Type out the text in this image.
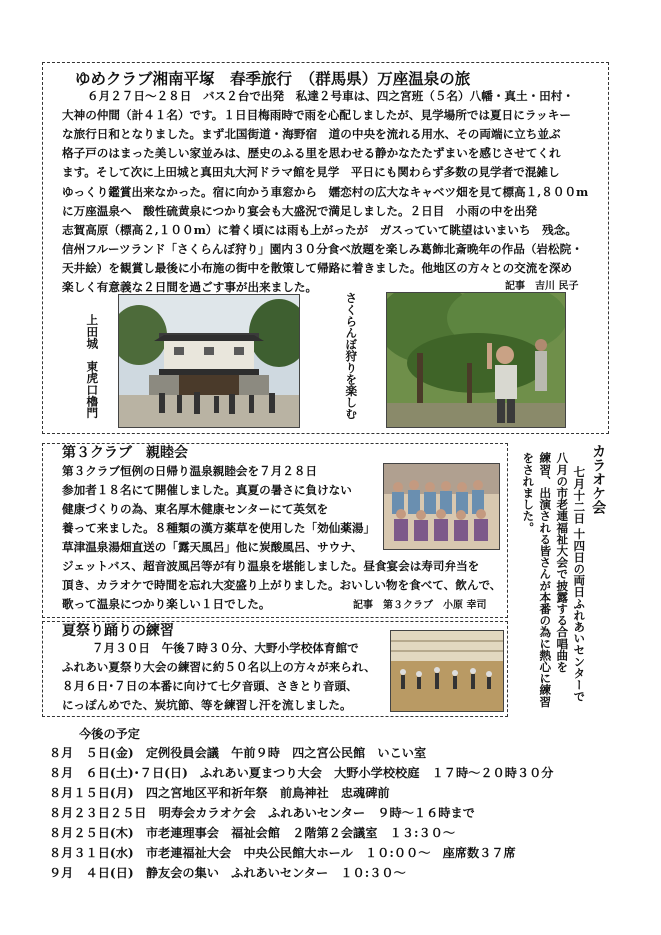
ゆめクラブ湘南平塚　春季旅行　（群馬県）万座温泉の旅
６月２７日～２８日　バス２台で出発　私達２号車は、四之宮班（５名）八幡・真土・田村・
大神の仲間（計４１名）です。１日目梅雨時で雨を心配しましたが、見学場所では夏日にラッキー
な旅行日和となりました。まず北国街道・海野宿　道の中央を流れる用水、その両端に立ち並ぶ
格子戸のはまった美しい家並みは、歴史のふる里を思わせる静かなたたずまいを感じさせてくれ
ます。そして次に上田城と真田丸大河ドラマ館を見学　平日にも関わらず多数の見学者で混雑し
ゆっくり鑑賞出来なかった。宿に向かう車窓から　嬬恋村の広大なキャベツ畑を見て標高１,８００m
に万座温泉へ　酸性硫黄泉につかり宴会も大盛況で満足しました。２日目　小雨の中を出発
志賀高原（標高２,１００m）に着く頃には雨も上がったが　ガスっていて眺望はいまいち　残念。
信州フルーツランド「さくらんぼ狩り」園内３０分食べ放題を楽しみ葛飾北斎晩年の作品（岩松院・
天井絵）を観賞し最後に小布施の街中を散策して帰路に着きました。他地区の方々との交流を深め
楽しく有意義な２日間を過ごす事が出来ました。	記事　吉川 民子
上田城　東虎口櫓門	さくらんぼ狩りを楽しむ
第３クラブ　親睦会
第３クラブ恒例の日帰り温泉親睦会を７月２８日
参加者１８名にて開催しました。真夏の暑さに負けない
健康づくりの為、東名厚木健康センターにて英気を
養って来ました。８種類の漢方薬草を使用した「効仙薬湯」
草津温泉湯畑直送の「露天風呂」他に炭酸風呂、サウナ、
ジェットバス、超音波風呂等が有り温泉を堪能しました。昼食宴会は寿司弁当を
頂き、カラオケで時間を忘れ大変盛り上がりました。おいしい物を食べて、飲んで、
歌って温泉につかり楽しい１日でした。	記事　第３クラブ　小原 幸司
夏祭り踊りの練習
７月３０日　午後７時３０分、大野小学校体育館で
ふれあい夏祭り大会の練習に約５０名以上の方々が来られ、
８月６日･７日の本番に向けて七夕音頭、さきとり音頭、
にっぽんめでた、炭坑節、等を練習し汗を流しました。
カラオケ会
七月十二日 十四日の両日ふれあいセンターで
八月の市老連福祉大会で披露する合唱曲を
練習、出演される皆さんが本番の為に熱心に練習
をされました。
今後の予定
８月　５日(金)　定例役員会議　午前９時　四之宮公民館　いこい室
８月　６日(土)･７日(日)　ふれあい夏まつり大会　大野小学校校庭　１７時～２０時３０分
８月１５日(月)　四之宮地区平和祈年祭　前鳥神社　忠魂碑前
８月２３日２５日　明寿会カラオケ会　ふれあいセンター　９時～１６時まで
８月２５日(木)　市老連理事会　福祉会館　２階第２会議室　１３:３０～
８月３１日(水)　市老連福祉大会　中央公民館大ホール　１０:００～　座席数３７席
９月　４日(日)　静友会の集い　ふれあいセンター　１０:３０～
